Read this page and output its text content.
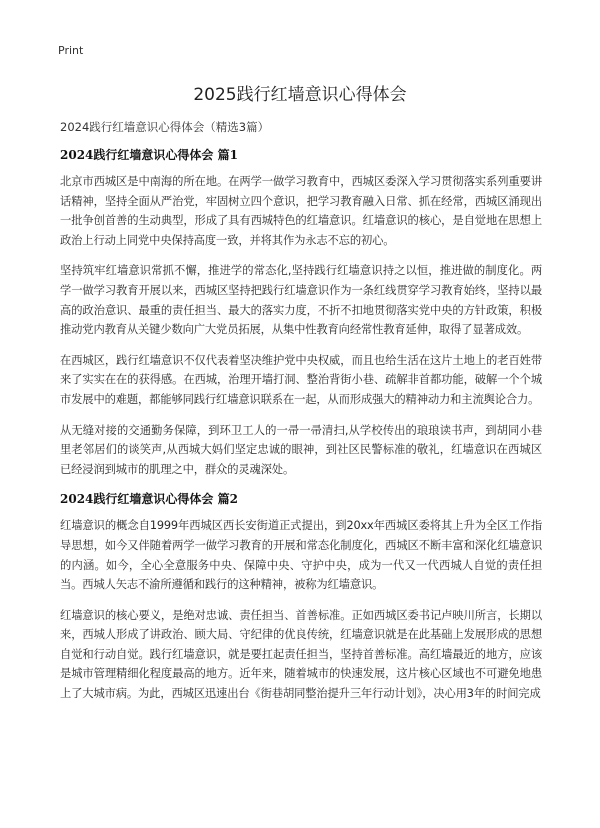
Print
2025践行红墙意识心得体会

2024践行红墙意识心得体会（精选3篇）

2024践行红墙意识心得体会 篇1

北京市西城区是中南海的所在地。在两学一做学习教育中，西城区委深入学习贯彻落实系列重要讲话精神，坚持全面从严治党，牢固树立四个意识，把学习教育融入日常、抓在经常，西城区涌现出一批争创首善的生动典型，形成了具有西城特色的红墙意识。红墙意识的核心，是自觉地在思想上政治上行动上同党中央保持高度一致，并将其作为永志不忘的初心。

坚持筑牢红墙意识常抓不懈，推进学的常态化,坚持践行红墙意识持之以恒，推进做的制度化。两学一做学习教育开展以来，西城区坚持把践行红墙意识作为一条红线贯穿学习教育始终，坚持以最高的政治意识、最重的责任担当、最大的落实力度，不折不扣地贯彻落实党中央的方针政策，积极推动党内教育从关键少数向广大党员拓展，从集中性教育向经常性教育延伸，取得了显著成效。

在西城区，践行红墙意识不仅代表着坚决维护党中央权威，而且也给生活在这片土地上的老百姓带来了实实在在的获得感。在西城，治理开墙打洞、整治背街小巷、疏解非首都功能，破解一个个城市发展中的难题，都能够同践行红墙意识联系在一起，从而形成强大的精神动力和主流舆论合力。

从无缝对接的交通勤务保障，到环卫工人的一帚一帚清扫,从学校传出的琅琅读书声，到胡同小巷里老邻居们的谈笑声,从西城大妈们坚定忠诚的眼神，到社区民警标准的敬礼，红墙意识在西城区已经浸润到城市的肌理之中，群众的灵魂深处。

2024践行红墙意识心得体会 篇2

红墙意识的概念自1999年西城区西长安街道正式提出，到20xx年西城区委将其上升为全区工作指导思想，如今又伴随着两学一做学习教育的开展和常态化制度化，西城区不断丰富和深化红墙意识的内涵。如今，全心全意服务中央、保障中央、守护中央，成为一代又一代西城人自觉的责任担当。西城人矢志不渝所遵循和践行的这种精神，被称为红墙意识。

红墙意识的核心要义，是绝对忠诚、责任担当、首善标准。正如西城区委书记卢映川所言，长期以来，西城人形成了讲政治、顾大局、守纪律的优良传统，红墙意识就是在此基础上发展形成的思想自觉和行动自觉。践行红墙意识，就是要扛起责任担当，坚持首善标准。高红墙最近的地方，应该是城市管理精细化程度最高的地方。近年来，随着城市的快速发展，这片核心区域也不可避免地患上了大城市病。为此，西城区迅速出台《街巷胡同整治提升三年行动计划》，决心用3年的时间完成
